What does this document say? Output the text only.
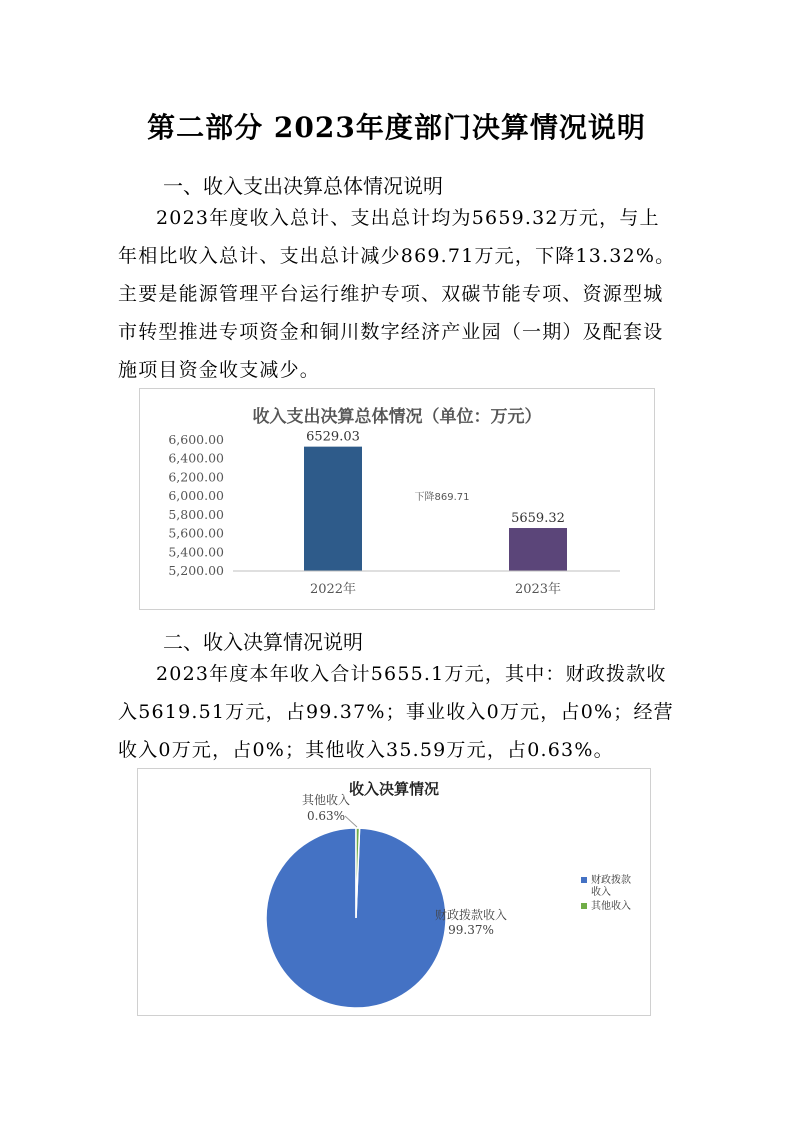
第二部分 2023年度部门决算情况说明
一、收入支出决算总体情况说明

2023年度收入总计、支出总计均为5659.32万元，与上年相比收入总计、支出总计减少869.71万元，下降13.32%。主要是能源管理平台运行维护专项、双碳节能专项、资源型城市转型推进专项资金和铜川数字经济产业园（一期）及配套设施项目资金收支减少。

收入支出决算总体情况（单位：万元）
5,200.00
5,400.00
5,600.00
5,800.00
6,000.00
6,200.00
6,400.00
6,600.00	6529.03
2022年
5659.32
2023年
下降869.71
二、收入决算情况说明

2023年度本年收入合计5655.1万元，其中：财政拨款收入5619.51万元，占99.37%；事业收入0万元，占0%；经营收入0万元，占0%；其他收入35.59万元，占0.63%。

收入决算情况
财政拨款收入
99.37%
其他收入
0.63%
财政拨款收入
其他收入
